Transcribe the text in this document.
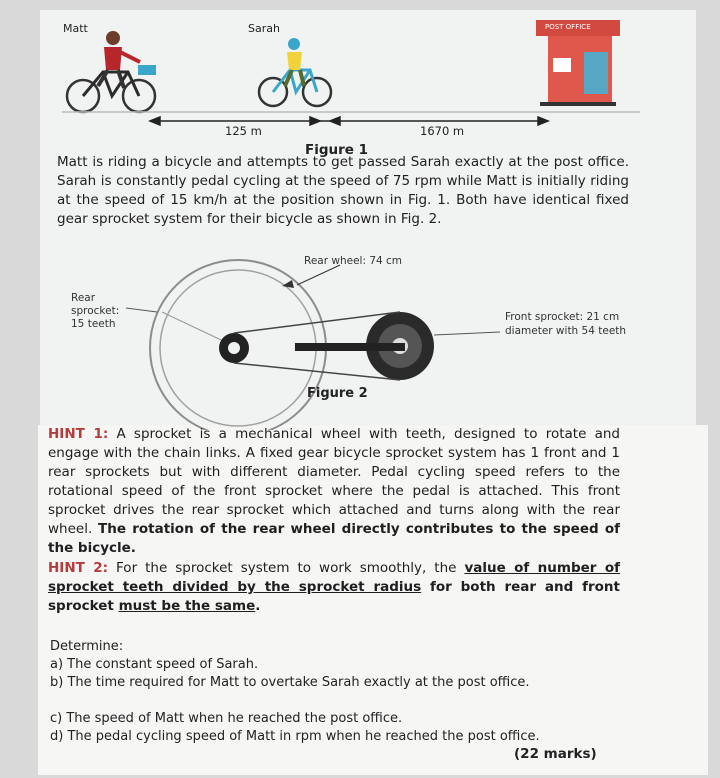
Matt	Sarah	POST OFFICE
125 m	1670 m
Figure 1

Matt is riding a bicycle and attempts to get passed Sarah exactly at the post office. Sarah is constantly pedal cycling at the speed of 75 rpm while Matt is initially riding at the speed of 15 km/h at the position shown in Fig. 1. Both have identical fixed gear sprocket system for their bicycle as shown in Fig. 2.

Rear wheel: 74 cm
Rear
sprocket:
15 teeth
Front sprocket: 21 cm
diameter with 54 teeth
Figure 2

HINT 1: A sprocket is a mechanical wheel with teeth, designed to rotate and engage with the chain links. A fixed gear bicycle sprocket system has 1 front and 1 rear sprockets but with different diameter. Pedal cycling speed refers to the rotational speed of the front sprocket where the pedal is attached. This front sprocket drives the rear sprocket which attached and turns along with the rear wheel. The rotation of the rear wheel directly contributes to the speed of the bicycle.

HINT 2: For the sprocket system to work smoothly, the value of number of sprocket teeth divided by the sprocket radius for both rear and front sprocket must be the same.

Determine:
a) The constant speed of Sarah.
b) The time required for Matt to overtake Sarah exactly at the post office.
c) The speed of Matt when he reached the post office.
d) The pedal cycling speed of Matt in rpm when he reached the post office.
(22 marks)
